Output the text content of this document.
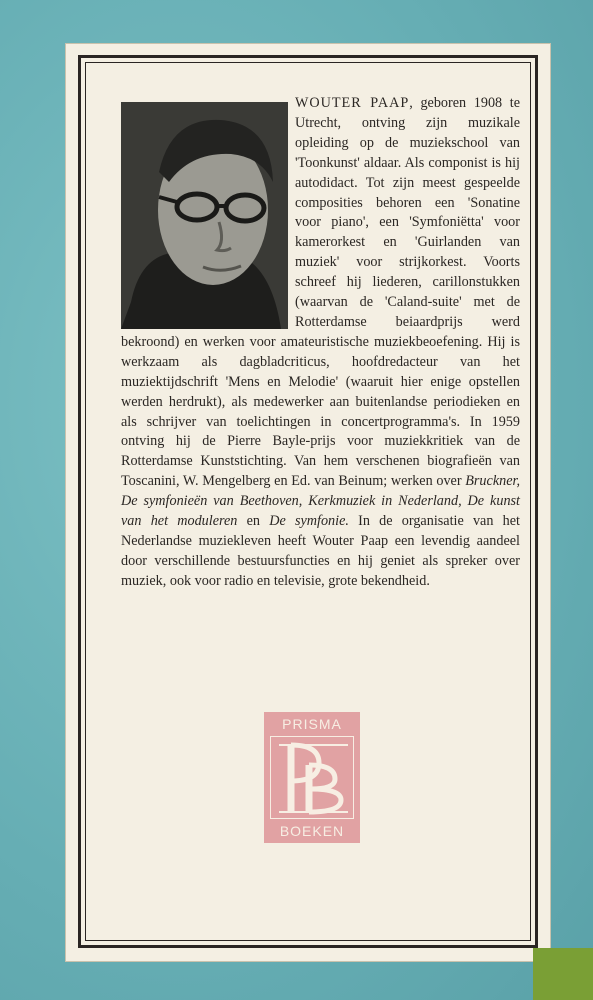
WOUTER PAAP, geboren 1908 te Utrecht, ontving zijn muzikale opleiding op de muziekschool van 'Toonkunst' aldaar. Als componist is hij autodidact. Tot zijn meest gespeelde composities behoren een 'Sonatine voor piano', een 'Symfoniëtta' voor kamerorkest en 'Guirlanden van muziek' voor strijkorkest. Voorts schreef hij liederen, carillonstukken (waarvan de 'Caland-suite' met de Rotterdamse beiaardprijs werd bekroond) en werken voor amateuristische muziekbeoefening. Hij is werkzaam als dagbladcriticus, hoofdredacteur van het muziektijdschrift 'Mens en Melodie' (waaruit hier enige opstellen werden herdrukt), als medewerker aan buitenlandse periodieken en als schrijver van toelichtingen in concertprogramma's. In 1959 ontving hij de Pierre Bayle-prijs voor muziekkritiek van de Rotterdamse Kunststichting. Van hem verschenen biografieën van Toscanini, W. Mengelberg en Ed. van Beinum; werken over Bruckner, De symfonieën van Beethoven, Kerkmuziek in Nederland, De kunst van het moduleren en De symfonie. In de organisatie van het Nederlandse muziekleven heeft Wouter Paap een levendig aandeel door verschillende bestuursfuncties en hij geniet als spreker over muziek, ook voor radio en televisie, grote bekendheid.

PRISMA
BOEKEN
